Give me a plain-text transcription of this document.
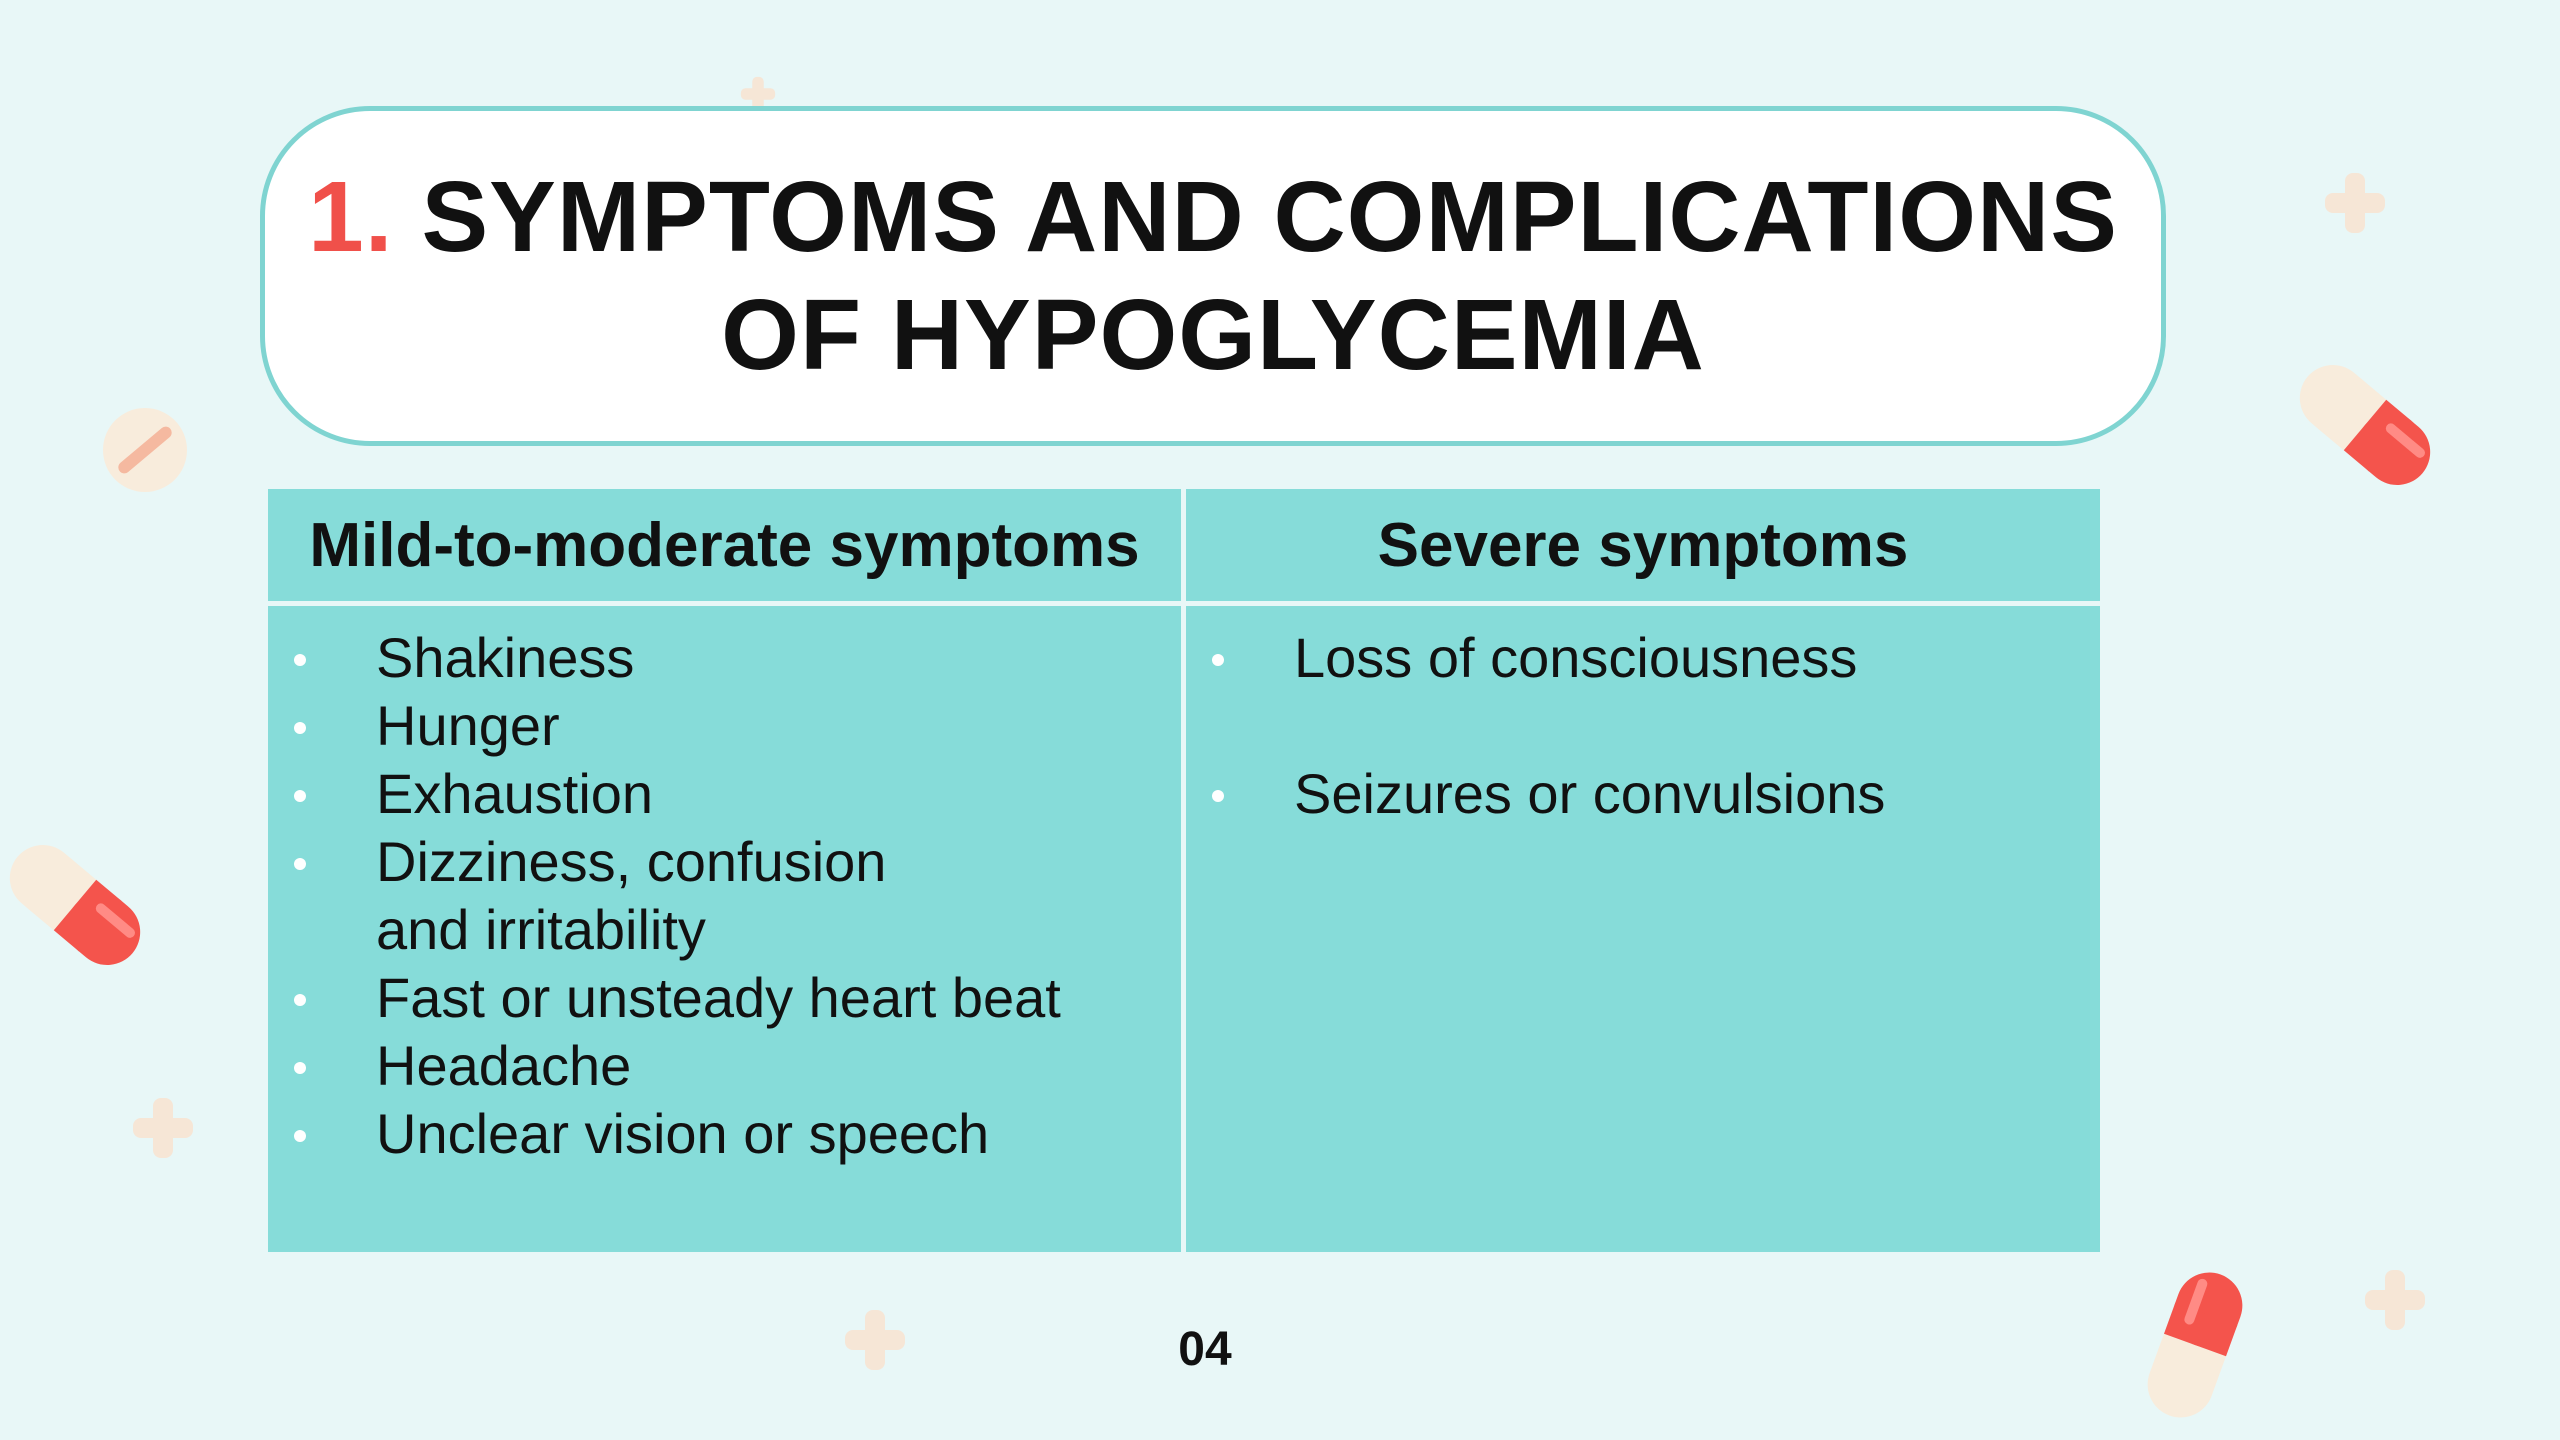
1. SYMPTOMS AND COMPLICATIONS
OF HYPOGLYCEMIA
Mild-to-moderate symptoms	Severe symptoms
Shakiness
Hunger
Exhaustion
Dizziness, confusion and irritability
Fast or unsteady heart beat
Headache
Unclear vision or speech
Loss of consciousness
Seizures or convulsions
04
